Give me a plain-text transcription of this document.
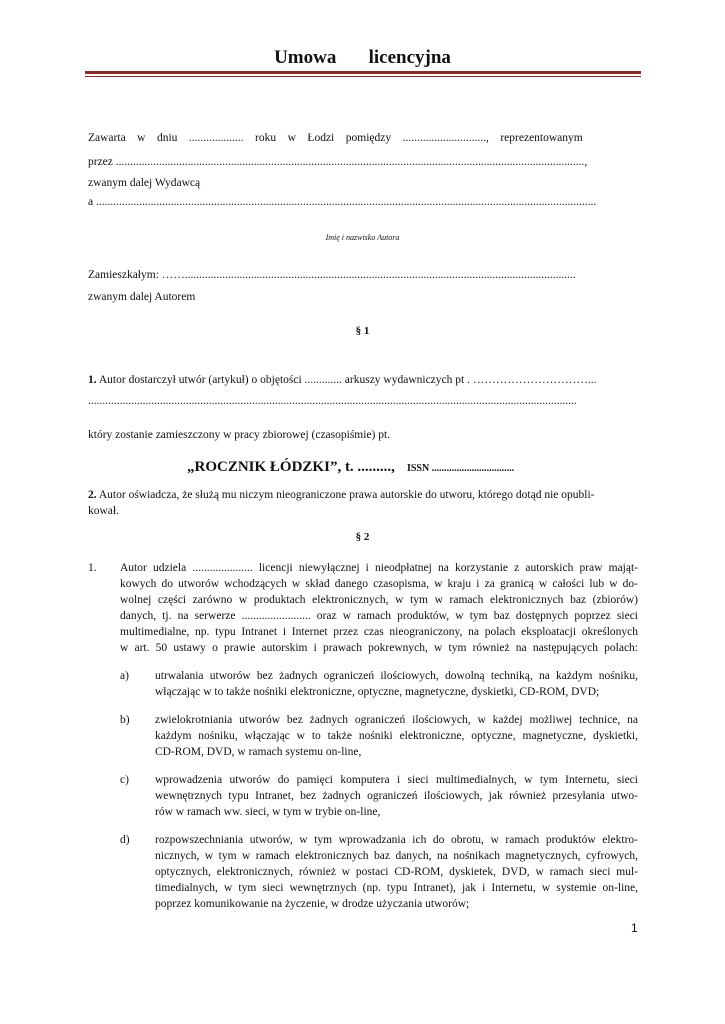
Umowa   licencyjna
Zawarta    w    dniu    ...................    roku    w    Łodzi    pomiędzy    .............................,    reprezentowanym
przez ...................................................................................................................................................................,
zwanym dalej Wydawcą
a ..............................................................................................................................................................................
Imię i nazwisko Autora
Zamieszkałym: ……........................................................................................................................................
zwanym dalej Autorem
§ 1
1. Autor dostarczył utwór (artykuł) o objętości ............. arkuszy wydawniczych pt . …………………………...
..........................................................................................................................................................................
który zostanie zamieszczony w pracy zbiorowej (czasopiśmie) pt.
„ROCZNIK ŁÓDZKI”, t. ........., ISSN .................................
2. Autor oświadcza, że służą mu niczym nieograniczone prawa autorskie do utworu, którego dotąd nie opubli-
kował.
§ 2
1. Autor udziela ..................... licencji niewyłącznej i nieodpłatnej na korzystanie z autorskich praw mająt-
kowych do utworów wchodzących w skład danego czasopisma, w kraju i za granicą w całości lub w do-
wolnej części zarówno w produktach elektronicznych, w tym w ramach elektronicznych baz (zbiorów)
danych, tj. na serwerze ........................ oraz w ramach produktów, w tym baz dostępnych poprzez sieci
multimedialne, np. typu Intranet i Internet przez czas nieograniczony, na polach eksploatacji określonych
w art. 50 ustawy o prawie autorskim i prawach pokrewnych, w tym również na następujących polach:
a) utrwalania utworów bez żadnych ograniczeń ilościowych, dowolną techniką, na każdym nośniku,
włączając w to także nośniki elektroniczne, optyczne, magnetyczne, dyskietki, CD-ROM, DVD;
b) zwielokrotniania utworów bez żadnych ograniczeń ilościowych, w każdej możliwej technice, na
każdym nośniku, włączając w to także nośniki elektroniczne, optyczne, magnetyczne, dyskietki,
CD-ROM, DVD, w ramach systemu on-line,
c) wprowadzenia utworów do pamięci komputera i sieci multimedialnych, w tym Internetu, sieci
wewnętrznych typu Intranet, bez żadnych ograniczeń ilościowych, jak również przesyłania utwo-
rów w ramach ww. sieci, w tym w trybie on-line,
d) rozpowszechniania utworów, w tym wprowadzania ich do obrotu, w ramach produktów elektro-
nicznych, w tym w ramach elektronicznych baz danych, na nośnikach magnetycznych, cyfrowych,
optycznych, elektronicznych, również w postaci CD-ROM, dyskietek, DVD, w ramach sieci mul-
timedialnych, w tym sieci wewnętrznych (np. typu Intranet), jak i Internetu, w systemie on-line,
poprzez komunikowanie na życzenie, w drodze użyczania utworów;
1
